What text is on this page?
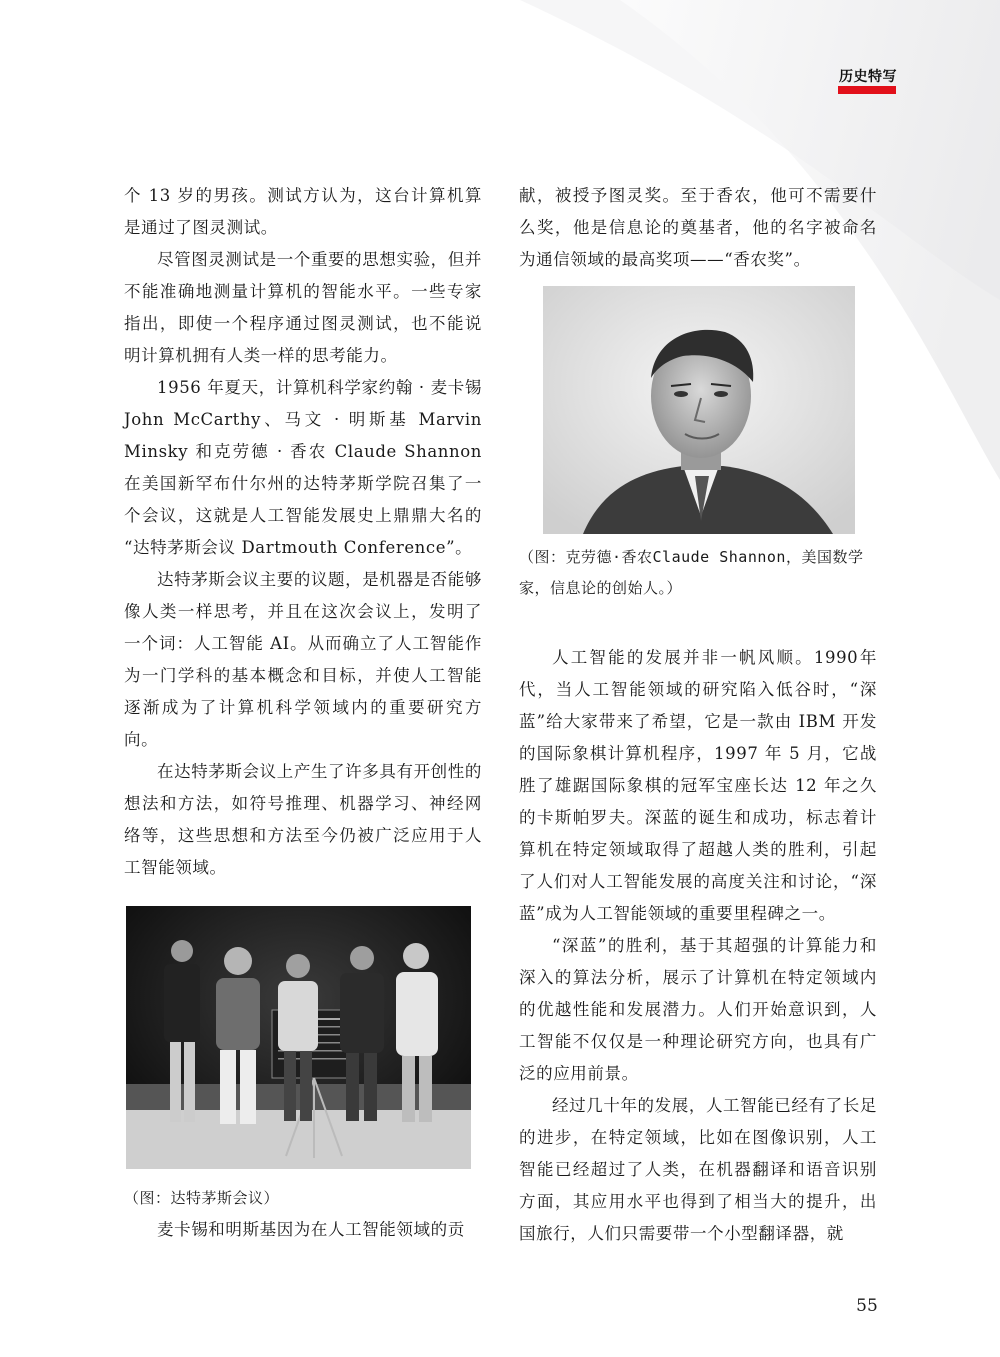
历史特写

个 13 岁的男孩。测试方认为，这台计算机算是通过了图灵测试。

尽管图灵测试是一个重要的思想实验，但并不能准确地测量计算机的智能水平。一些专家指出，即使一个程序通过图灵测试，也不能说明计算机拥有人类一样的思考能力。

1956 年夏天，计算机科学家约翰 · 麦卡锡 John McCarthy、马文 · 明斯基 Marvin Minsky 和克劳德 · 香农 Claude Shannon 在美国新罕布什尔州的达特茅斯学院召集了一个会议，这就是人工智能发展史上鼎鼎大名的 “达特茅斯会议 Dartmouth Conference”。

达特茅斯会议主要的议题，是机器是否能够像人类一样思考，并且在这次会议上，发明了一个词：人工智能 AI。从而确立了人工智能作为一门学科的基本概念和目标，并使人工智能逐渐成为了计算机科学领域内的重要研究方向。

在达特茅斯会议上产生了许多具有开创性的想法和方法，如符号推理、机器学习、神经网络等，这些思想和方法至今仍被广泛应用于人工智能领域。

（图：达特茅斯会议）

麦卡锡和明斯基因为在人工智能领域的贡

献，被授予图灵奖。至于香农，他可不需要什么奖，他是信息论的奠基者，他的名字被命名为通信领域的最高奖项——“香农奖”。

（图：克劳德·香农Claude Shannon，美国数学家，信息论的创始人。）

人工智能的发展并非一帆风顺。1990年代，当人工智能领域的研究陷入低谷时，“深蓝”给大家带来了希望，它是一款由 IBM 开发的国际象棋计算机程序，1997 年 5 月，它战胜了雄踞国际象棋的冠军宝座长达 12 年之久的卡斯帕罗夫。深蓝的诞生和成功，标志着计算机在特定领域取得了超越人类的胜利，引起了人们对人工智能发展的高度关注和讨论，“深蓝”成为人工智能领域的重要里程碑之一。

“深蓝”的胜利，基于其超强的计算能力和深入的算法分析，展示了计算机在特定领域内的优越性能和发展潜力。人们开始意识到，人工智能不仅仅是一种理论研究方向，也具有广泛的应用前景。

经过几十年的发展，人工智能已经有了长足的进步，在特定领域，比如在图像识别，人工智能已经超过了人类，在机器翻译和语音识别方面，其应用水平也得到了相当大的提升，出国旅行，人们只需要带一个小型翻译器，就

55
